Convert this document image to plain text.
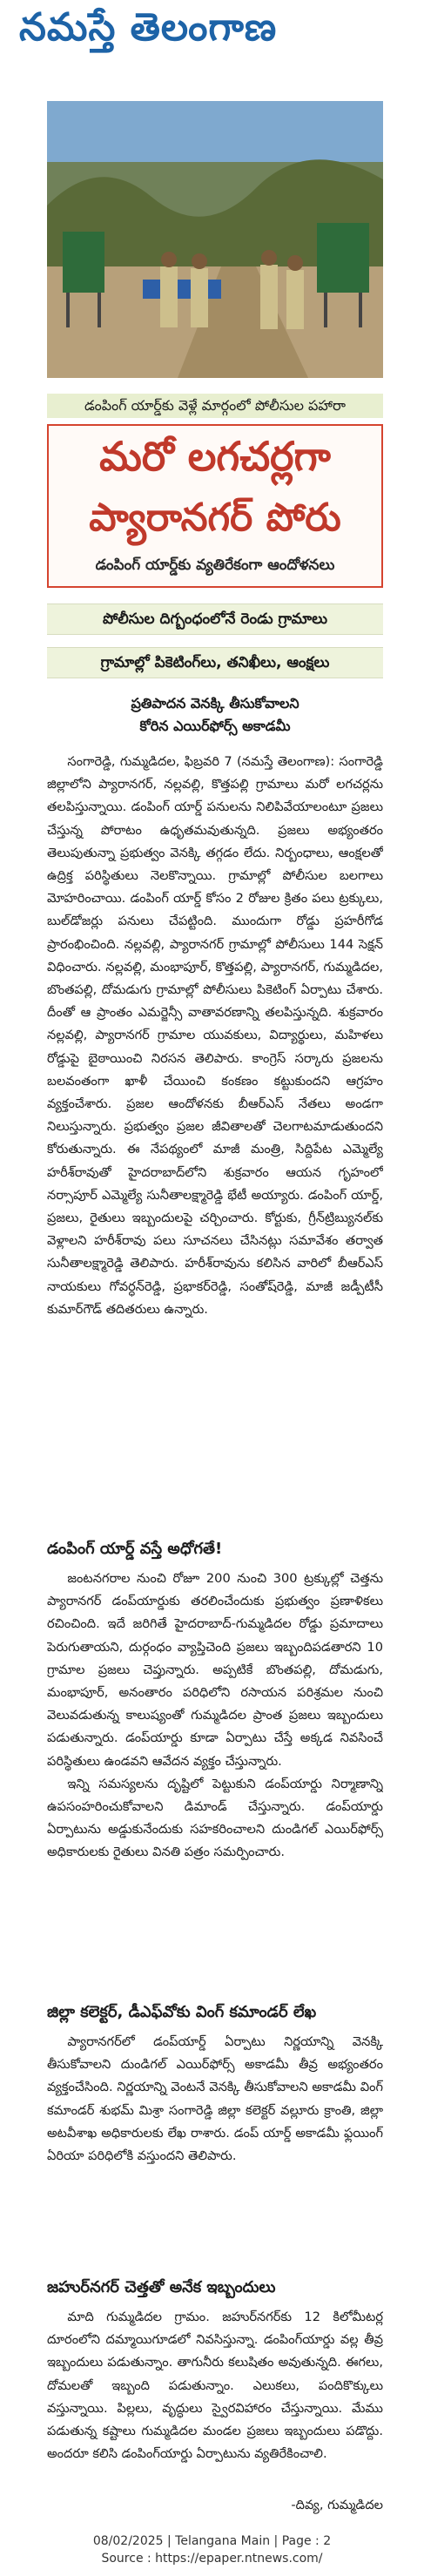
నమస్తే తెలంగాణ
డంపింగ్ యార్డ్‌కు వెళ్లే మార్గంలో పోలీసుల పహారా
మరో లగచర్లగా
ప్యారానగర్ పోరు
డంపింగ్ యార్డ్‌కు వ్యతిరేకంగా ఆందోళనలు
పోలీసుల దిగ్బంధంలోనే రెండు గ్రామాలు
గ్రామాల్లో పికెటింగ్‌లు, తనిఖీలు, ఆంక్షలు
ప్రతిపాదన వెనక్కి తీసుకోవాలని
కోరిన ఎయిర్‌ఫోర్స్ అకాడమీ

సంగారెడ్డి, గుమ్మడిదల, ఫిబ్రవరి 7 (నమస్తే తెలంగాణ): సంగారెడ్డి జిల్లాలోని ప్యారానగర్, నల్లవల్లి, కొత్తపల్లి గ్రామాలు మరో లగచర్లను తలపిస్తున్నాయి. డంపింగ్ యార్డ్ పనులను నిలిపివేయాలంటూ ప్రజలు చేస్తున్న పోరాటం ఉధృతమవుతున్నది. ప్రజలు అభ్యంతరం తెలుపుతున్నా ప్రభుత్వం వెనక్కి తగ్గడం లేదు. నిర్బంధాలు, ఆంక్షలతో ఉద్రిక్త పరిస్థితులు నెలకొన్నాయి. గ్రామాల్లో పోలీసుల బలగాలు మోహరించాయి. డంపింగ్ యార్డ్ కోసం 2 రోజుల క్రితం పలు ట్రక్కులు, బుల్‌డోజర్లు పనులు చేపట్టింది. ముందుగా రోడ్డు ప్రహరీగోడ ప్రారంభించింది. నల్లవల్లి, ప్యారానగర్ గ్రామాల్లో పోలీసులు 144 సెక్షన్ విధించారు. నల్లవల్లి, మంభాపూర్, కొత్తపల్లి, ప్యారానగర్, గుమ్మడిదల, బొంతపల్లి, దోమడుగు గ్రామాల్లో పోలీసులు పికెటింగ్ ఏర్పాటు చేశారు. దీంతో ఆ ప్రాంతం ఎమర్జెన్సీ వాతావరణాన్ని తలపిస్తున్నది. శుక్రవారం నల్లవల్లి, ప్యారానగర్ గ్రామాల యువకులు, విద్యార్థులు, మహిళలు రోడ్డుపై బైఠాయించి నిరసన తెలిపారు. కాంగ్రెస్ సర్కారు ప్రజలను బలవంతంగా ఖాళీ చేయించి కంకణం కట్టుకుందని ఆగ్రహం వ్యక్తంచేశారు. ప్రజల ఆందోళనకు బీఆర్‌ఎస్ నేతలు అండగా నిలుస్తున్నారు. ప్రభుత్వం ప్రజల జీవితాలతో చెలగాటమాడుతుందని కోరుతున్నారు. ఈ నేపథ్యంలో మాజీ మంత్రి, సిద్దిపేట ఎమ్మెల్యే హరీశ్‌రావుతో హైదరాబాద్‌లోని శుక్రవారం ఆయన గృహంలో నర్సాపూర్ ఎమ్మెల్యే సునీతాలక్ష్మారెడ్డి భేటీ అయ్యారు. డంపింగ్ యార్డ్, ప్రజలు, రైతులు ఇబ్బందులపై చర్చించారు. కోర్టుకు, గ్రీన్‌ట్రిబ్యునల్‌కు వెళ్లాలని హరీశ్‌రావు పలు సూచనలు చేసినట్లు సమావేశం తర్వాత సునీతాలక్ష్మారెడ్డి తెలిపారు. హరీశ్‌రావును కలిసిన వారిలో బీఆర్‌ఎస్ నాయకులు గోవర్ధన్‌రెడ్డి, ప్రభాకర్‌రెడ్డి, సంతోష్‌రెడ్డి, మాజీ జడ్పీటీసీ కుమార్‌గౌడ్ తదితరులు ఉన్నారు.

డంపింగ్ యార్డ్ వస్తే అధోగతే!

జంటనగరాల నుంచి రోజూ 200 నుంచి 300 ట్రక్కుల్లో చెత్తను ప్యారానగర్ డంప్‌యార్డుకు తరలించేందుకు ప్రభుత్వం ప్రణాళికలు రచించింది. ఇదే జరిగితే హైదరాబాద్-గుమ్మడిదల రోడ్డు ప్రమాదాలు పెరుగుతాయని, దుర్గంధం వ్యాప్తిచెంది ప్రజలు ఇబ్బందిపడతారని 10 గ్రామాల ప్రజలు చెప్తున్నారు. అప్పటికే బొంతపల్లి, దోమడుగు, మంభాపూర్, అనంతారం పరిధిలోని రసాయన పరిశ్రమల నుంచి వెలువడుతున్న కాలుష్యంతో గుమ్మడిదల ప్రాంత ప్రజలు ఇబ్బందులు పడుతున్నారు. డంప్‌యార్డు కూడా ఏర్పాటు చేస్తే అక్కడ నివసించే పరిస్థితులు ఉండవని ఆవేదన వ్యక్తం చేస్తున్నారు.

ఇన్ని సమస్యలను దృష్టిలో పెట్టుకుని డంప్‌యార్డు నిర్మాణాన్ని ఉపసంహరించుకోవాలని డిమాండ్ చేస్తున్నారు. డంప్‌యార్డు ఏర్పాటును అడ్డుకునేందుకు సహకరించాలని దుండిగల్ ఎయిర్‌ఫోర్స్ అధికారులకు రైతులు వినతి పత్రం సమర్పించారు.

జిల్లా కలెక్టర్, డీఎఫ్‌వోకు వింగ్ కమాండర్ లేఖ

ప్యారానగర్‌లో డంప్‌యార్డ్ ఏర్పాటు నిర్ణయాన్ని వెనక్కి తీసుకోవాలని దుండిగల్ ఎయిర్‌ఫోర్స్ అకాడమీ తీవ్ర అభ్యంతరం వ్యక్తంచేసింది. నిర్ణయాన్ని వెంటనే వెనక్కి తీసుకోవాలని అకాడమీ వింగ్ కమాండర్ శుభమ్ మిశ్రా సంగారెడ్డి జిల్లా కలెక్టర్ వల్లూరు క్రాంతి, జిల్లా అటవీశాఖ అధికారులకు లేఖ రాశారు. డంప్ యార్డ్ అకాడమీ ఫ్లయింగ్ ఏరియా పరిధిలోకి వస్తుందని తెలిపారు.

జహుర్‌నగర్ చెత్తతో అనేక ఇబ్బందులు

మాది గుమ్మడిదల గ్రామం. జహుర్‌నగర్‌కు 12 కిలోమీటర్ల దూరంలోని దమ్మాయిగూడలో నివసిస్తున్నా. డంపింగ్‌యార్డు వల్ల తీవ్ర ఇబ్బందులు పడుతున్నాం. తాగునీరు కలుషితం అవుతున్నది. ఈగలు, దోమలతో ఇబ్బంది పడుతున్నాం. ఎలుకలు, పందికొక్కులు వస్తున్నాయి. పిల్లలు, వృద్ధులు స్వైరవిహారం చేస్తున్నాయి. మేము పడుతున్న కష్టాలు గుమ్మడిదల మండల ప్రజలు ఇబ్బందులు పడొద్దు. అందరూ కలిసి డంపింగ్‌యార్డు ఏర్పాటును వ్యతిరేకించాలి.

-దివ్య, గుమ్మడిదల
08/02/2025 | Telangana Main | Page : 2
Source : https://epaper.ntnews.com/
